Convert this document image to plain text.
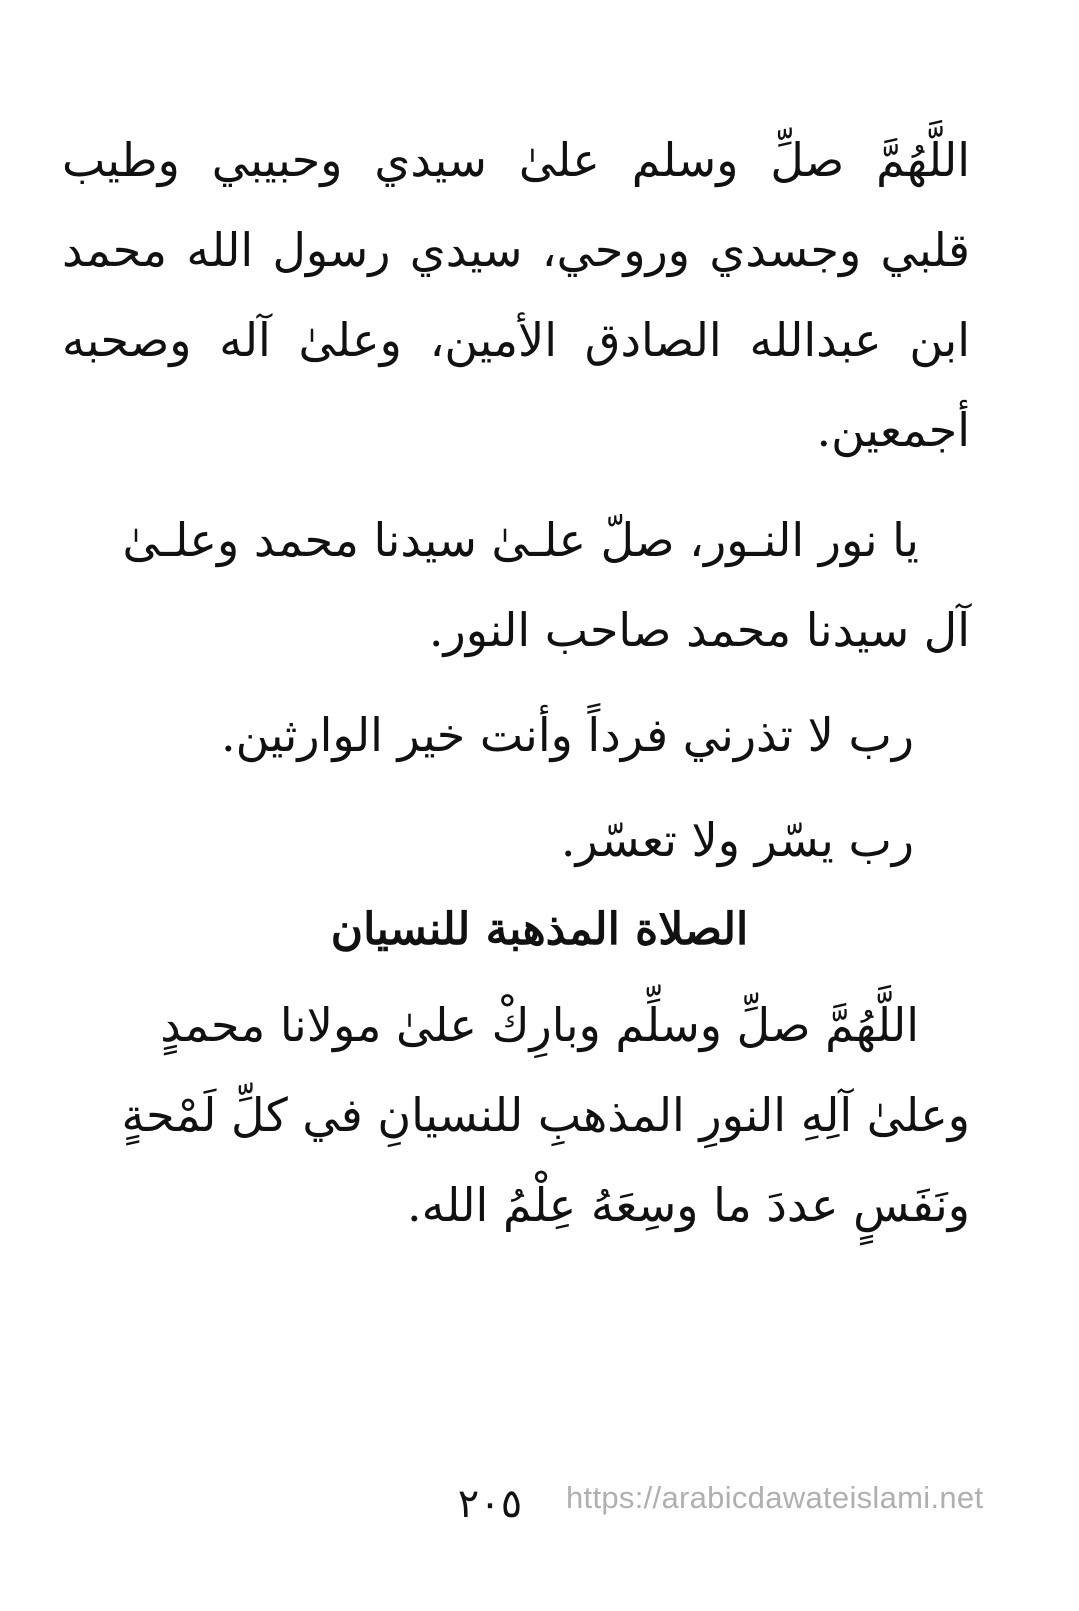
اللَّهُمَّ صلِّ وسلم علىٰ سيدي وحبيبي وطيب
قلبي وجسدي وروحي، سيدي رسول الله محمد
ابن عبدالله الصادق الأمين، وعلىٰ آله وصحبه
أجمعين.
يا نور النـور، صلّ علـىٰ سيدنا محمد وعلـىٰ
آل سيدنا محمد صاحب النور.
رب لا تذرني فرداً وأنت خير الوارثين.
رب يسّر ولا تعسّر.
الصلاة المذهبة للنسيان
اللَّهُمَّ صلِّ وسلِّم وبارِكْ علىٰ مولانا محمدٍ
وعلىٰ آلِهِ النورِ المذهبِ للنسيانِ في كلِّ لَمْحةٍ
ونَفَسٍ عددَ ما وسِعَهُ عِلْمُ الله.
٢٠٥	https://arabicdawateislami.net
